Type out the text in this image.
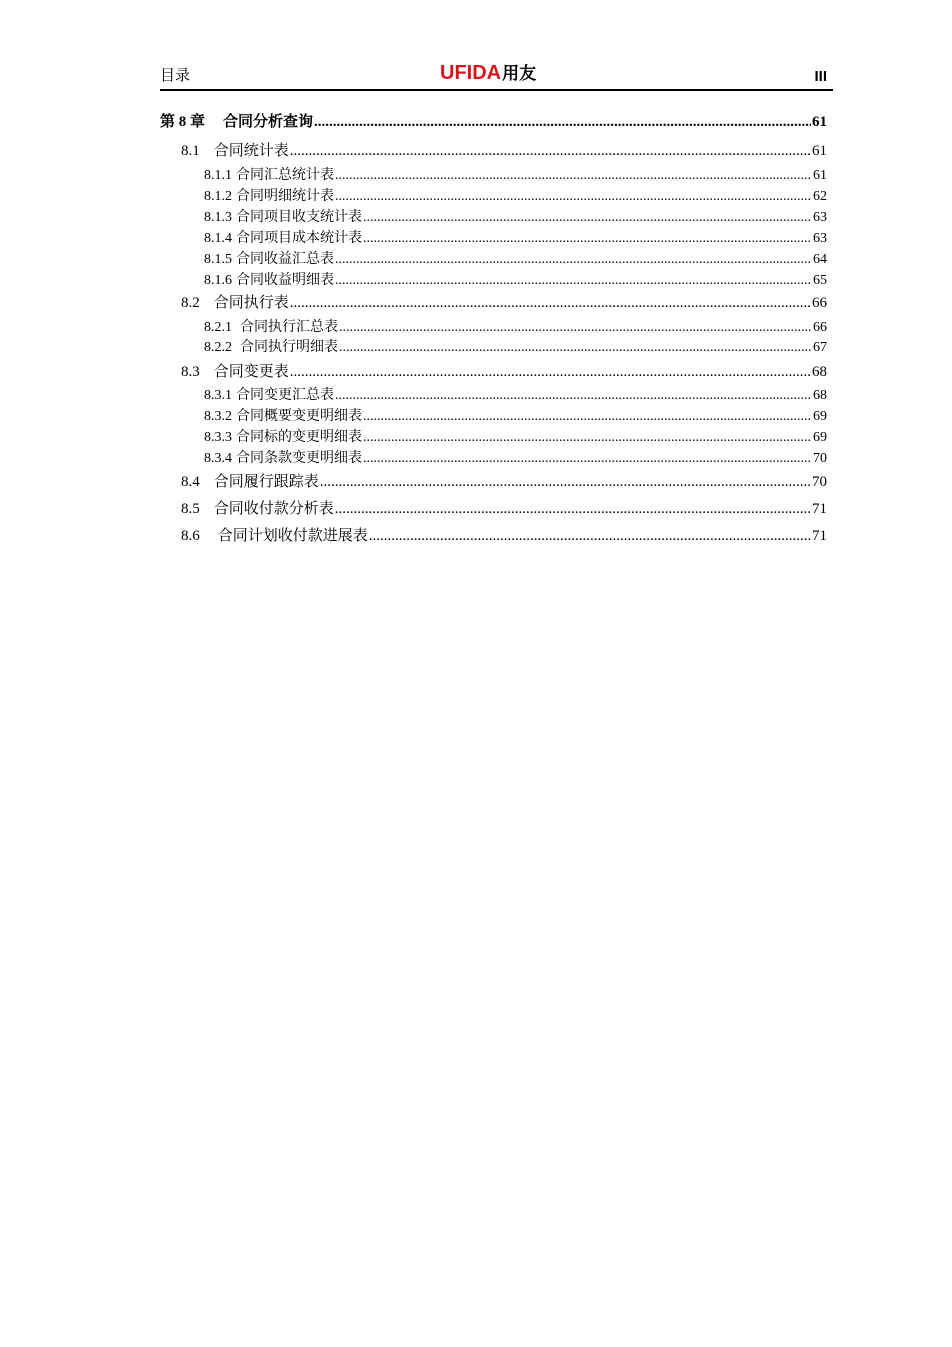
目录	UFIDA用友	III
第 8 章 合同分析查询 .....	61
8.1 合同统计表 .....	61
8.1.1 合同汇总统计表 .....	61
8.1.2 合同明细统计表 .....	62
8.1.3 合同项目收支统计表 .....	63
8.1.4 合同项目成本统计表 .....	63
8.1.5 合同收益汇总表 .....	64
8.1.6 合同收益明细表 .....	65
8.2 合同执行表 .....	66
8.2.1 合同执行汇总表 .....	66
8.2.2 合同执行明细表 .....	67
8.3 合同变更表 .....	68
8.3.1 合同变更汇总表 .....	68
8.3.2 合同概要变更明细表 .....	69
8.3.3 合同标的变更明细表 .....	69
8.3.4 合同条款变更明细表 .....	70
8.4 合同履行跟踪表 .....	70
8.5 合同收付款分析表 .....	71
8.6 合同计划收付款进展表 .....	71
